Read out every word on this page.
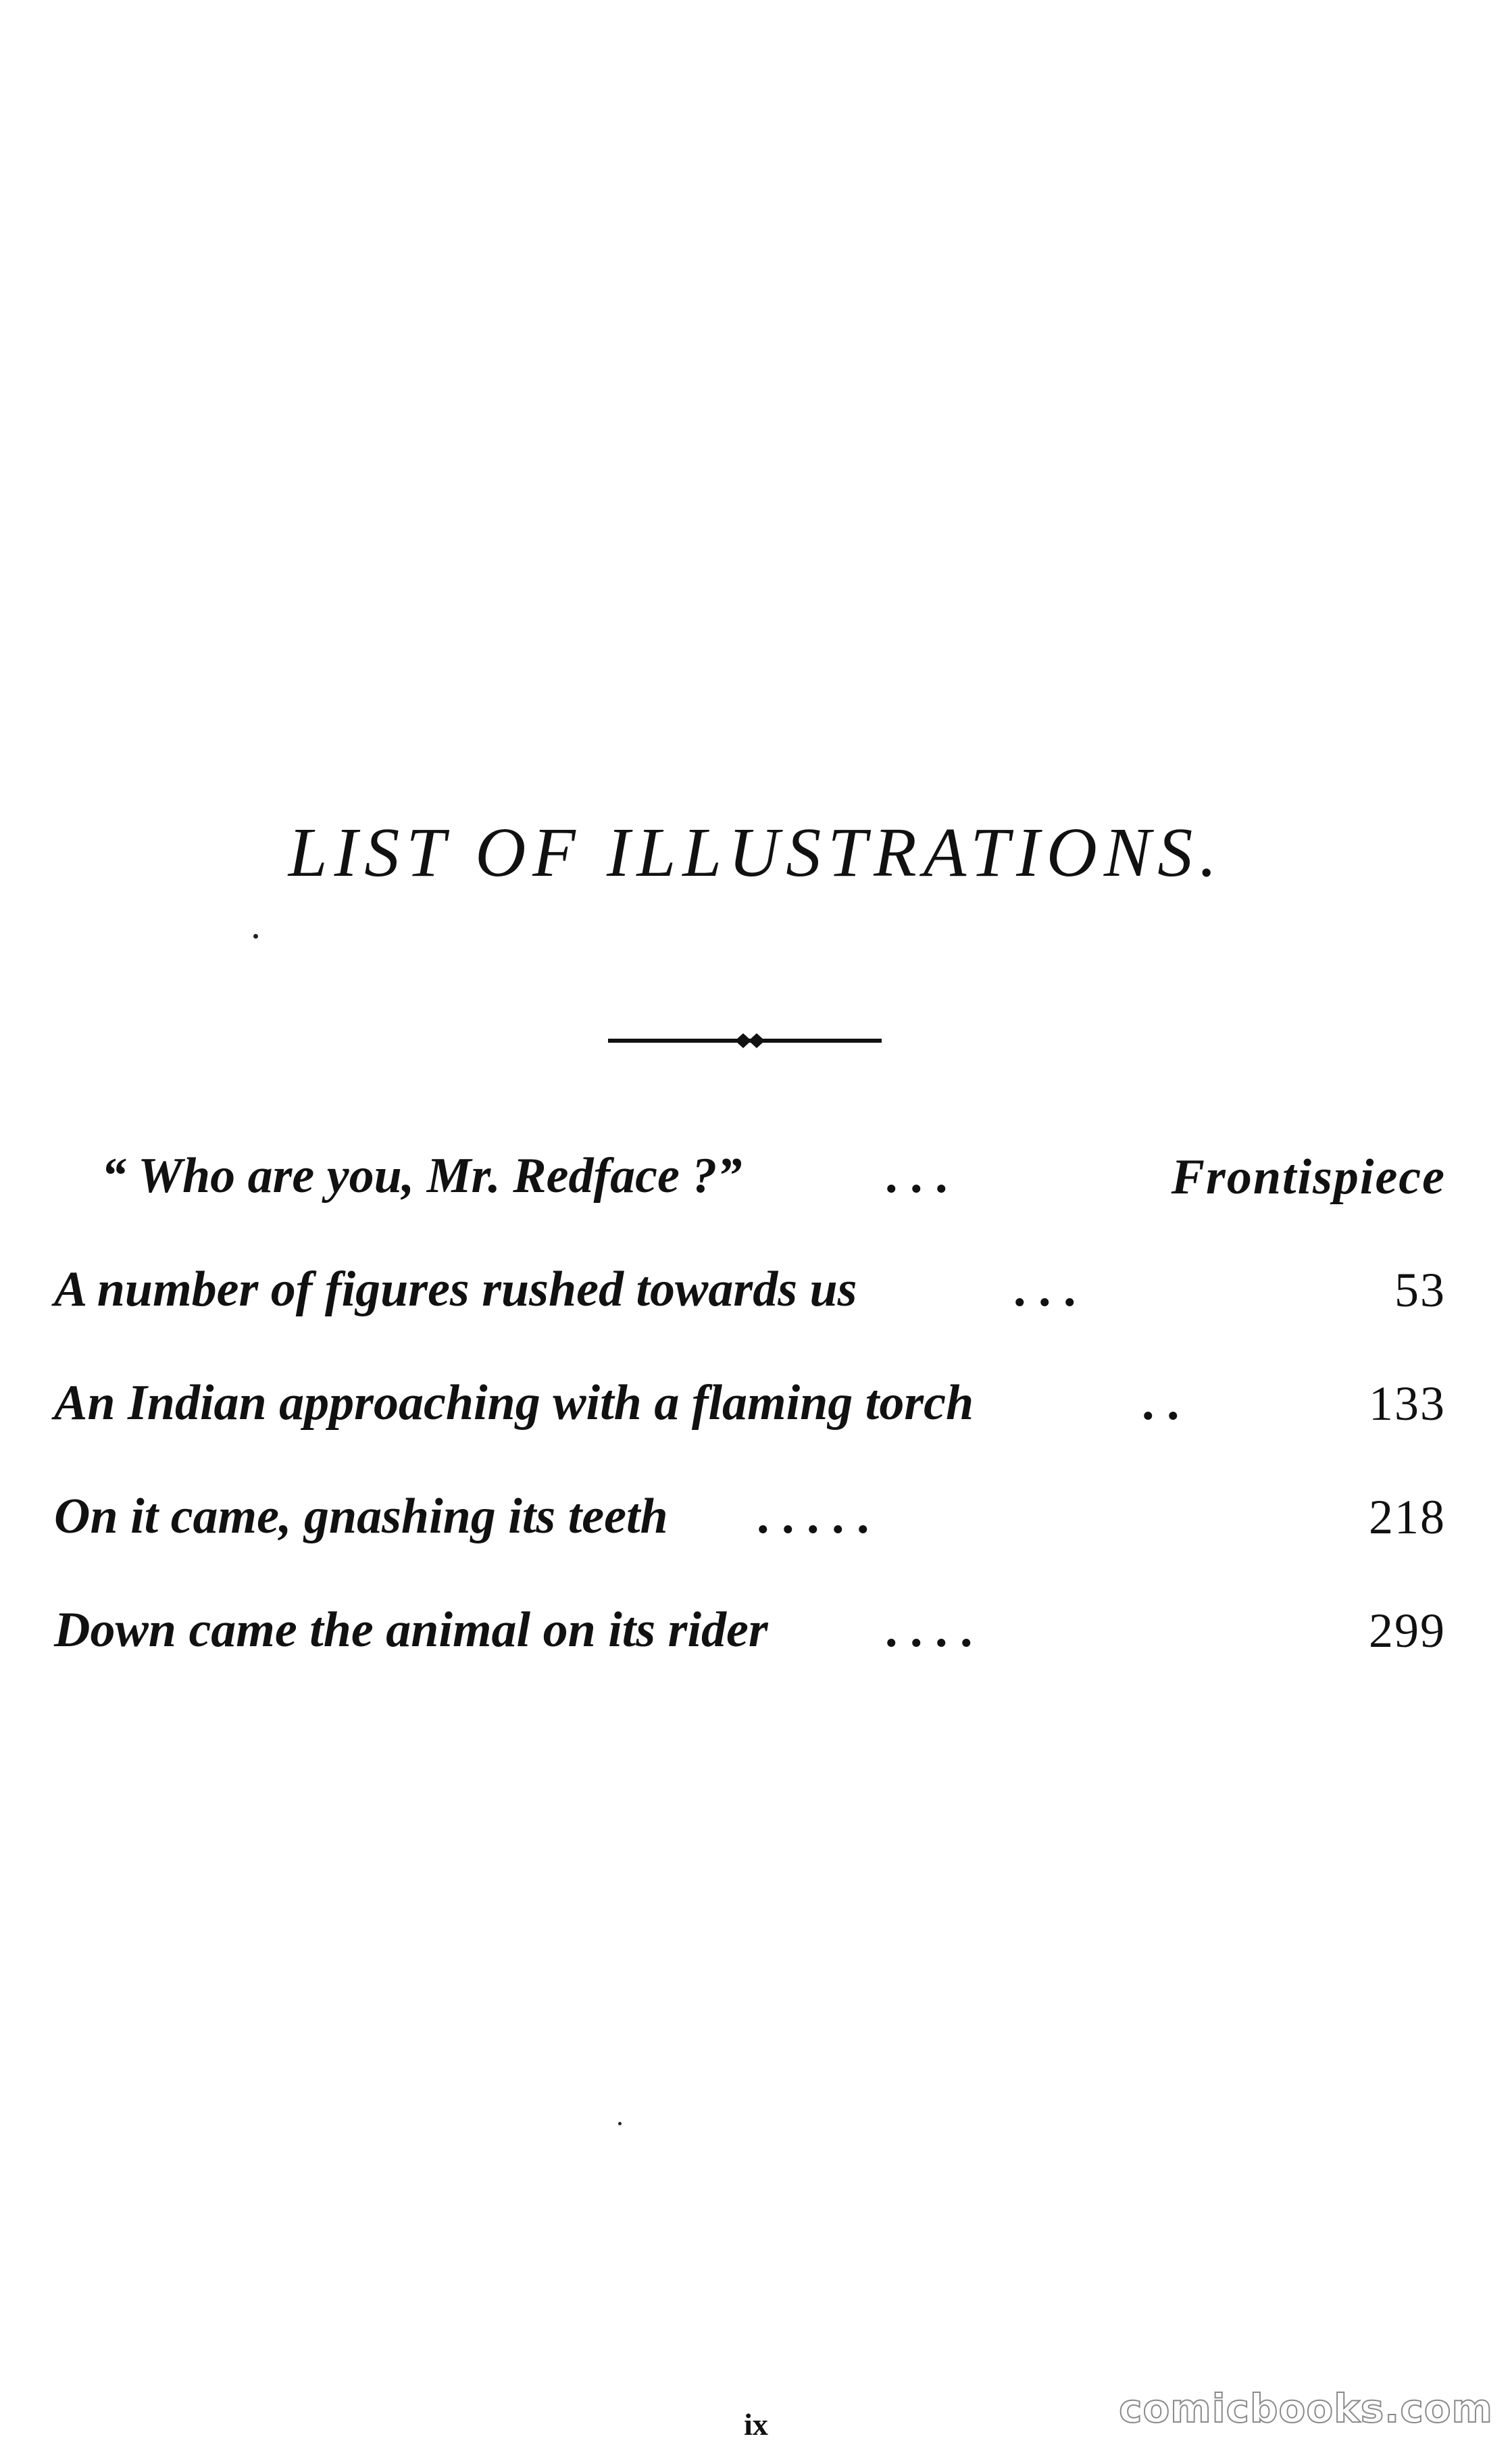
LIST OF ILLUSTRATIONS.
“ Who are you, Mr. Redface ?”	. . .	Frontispiece
A number of figures rushed towards us	. . .	53
An Indian approaching with a flaming torch	. .	133
On it came, gnashing its teeth . . . . .	218
Down came the animal on its rider . . . .	299
ix	comicbooks.com
